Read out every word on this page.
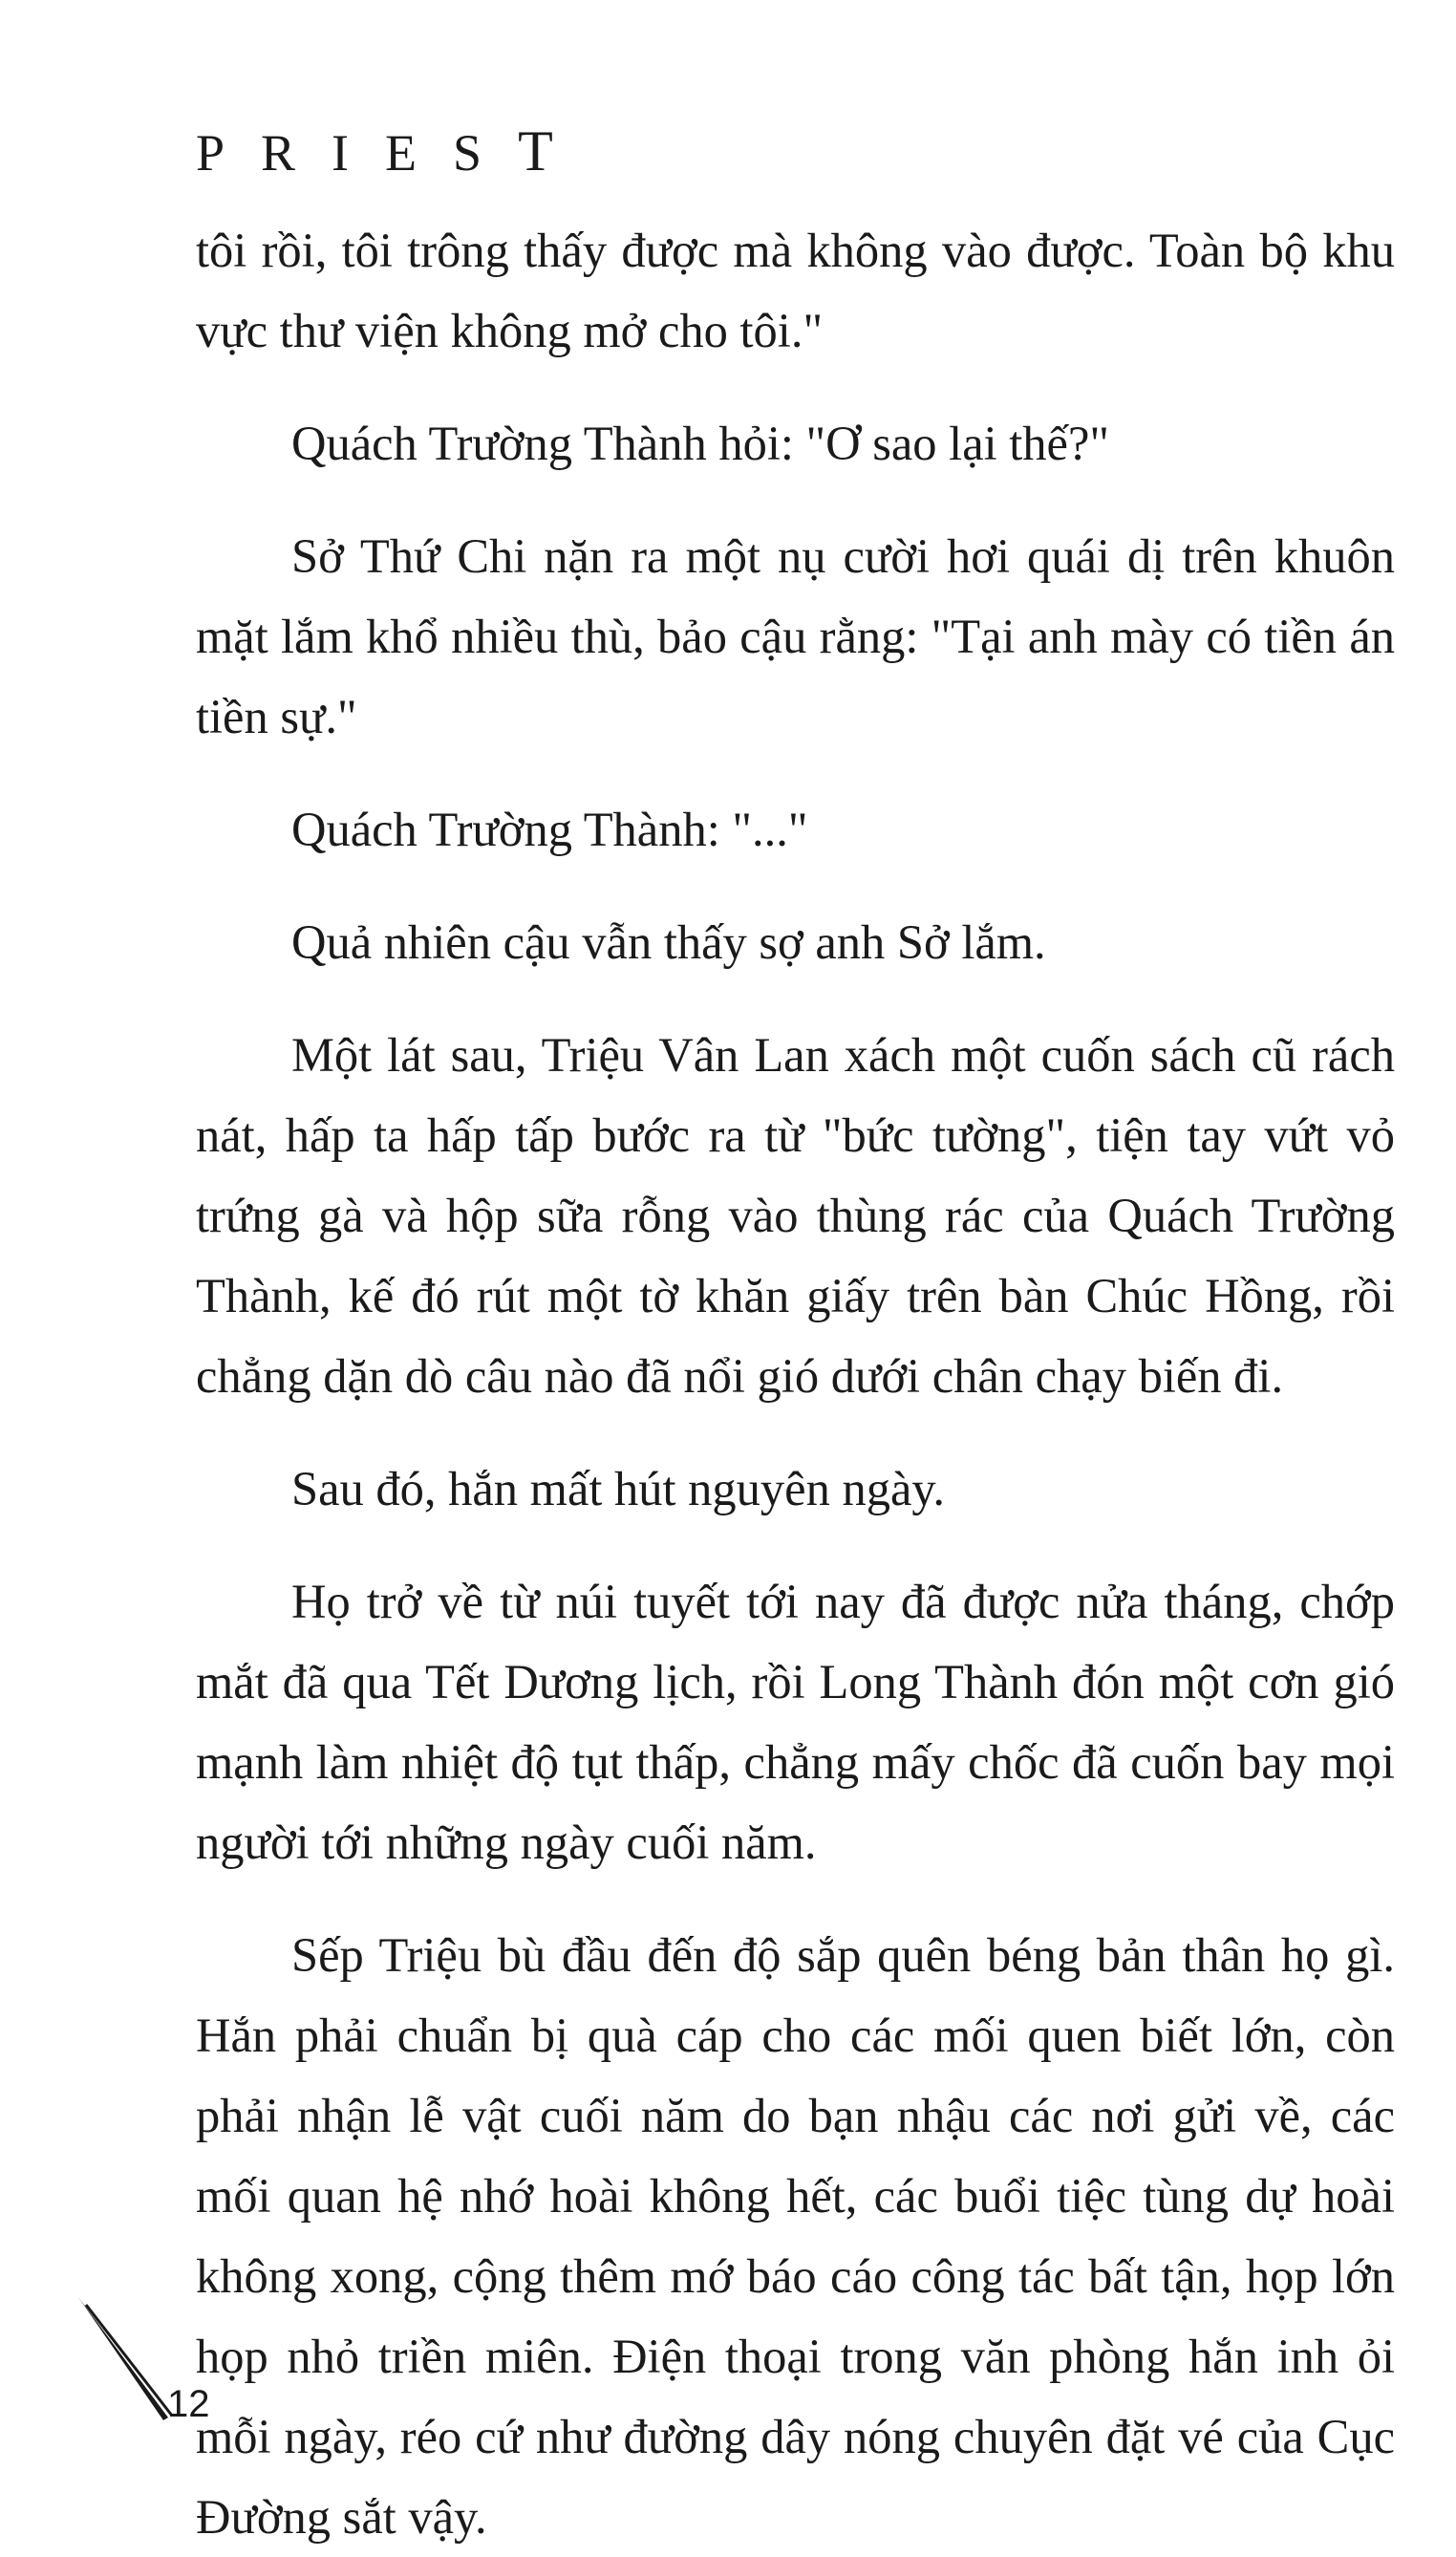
PRIEST

tôi rồi, tôi trông thấy được mà không vào được. Toàn bộ khu vực thư viện không mở cho tôi."

Quách Trường Thành hỏi: "Ơ sao lại thế?"

Sở Thứ Chi nặn ra một nụ cười hơi quái dị trên khuôn mặt lắm khổ nhiều thù, bảo cậu rằng: "Tại anh mày có tiền án tiền sự."

Quách Trường Thành: "..."

Quả nhiên cậu vẫn thấy sợ anh Sở lắm.

Một lát sau, Triệu Vân Lan xách một cuốn sách cũ rách nát, hấp ta hấp tấp bước ra từ "bức tường", tiện tay vứt vỏ trứng gà và hộp sữa rỗng vào thùng rác của Quách Trường Thành, kế đó rút một tờ khăn giấy trên bàn Chúc Hồng, rồi chẳng dặn dò câu nào đã nổi gió dưới chân chạy biến đi.

Sau đó, hắn mất hút nguyên ngày.

Họ trở về từ núi tuyết tới nay đã được nửa tháng, chớp mắt đã qua Tết Dương lịch, rồi Long Thành đón một cơn gió mạnh làm nhiệt độ tụt thấp, chẳng mấy chốc đã cuốn bay mọi người tới những ngày cuối năm.

Sếp Triệu bù đầu đến độ sắp quên béng bản thân họ gì. Hắn phải chuẩn bị quà cáp cho các mối quen biết lớn, còn phải nhận lễ vật cuối năm do bạn nhậu các nơi gửi về, các mối quan hệ nhớ hoài không hết, các buổi tiệc tùng dự hoài không xong, cộng thêm mớ báo cáo công tác bất tận, họp lớn họp nhỏ triền miên. Điện thoại trong văn phòng hắn inh ỏi mỗi ngày, réo cứ như đường dây nóng chuyên đặt vé của Cục Đường sắt vậy.

12
